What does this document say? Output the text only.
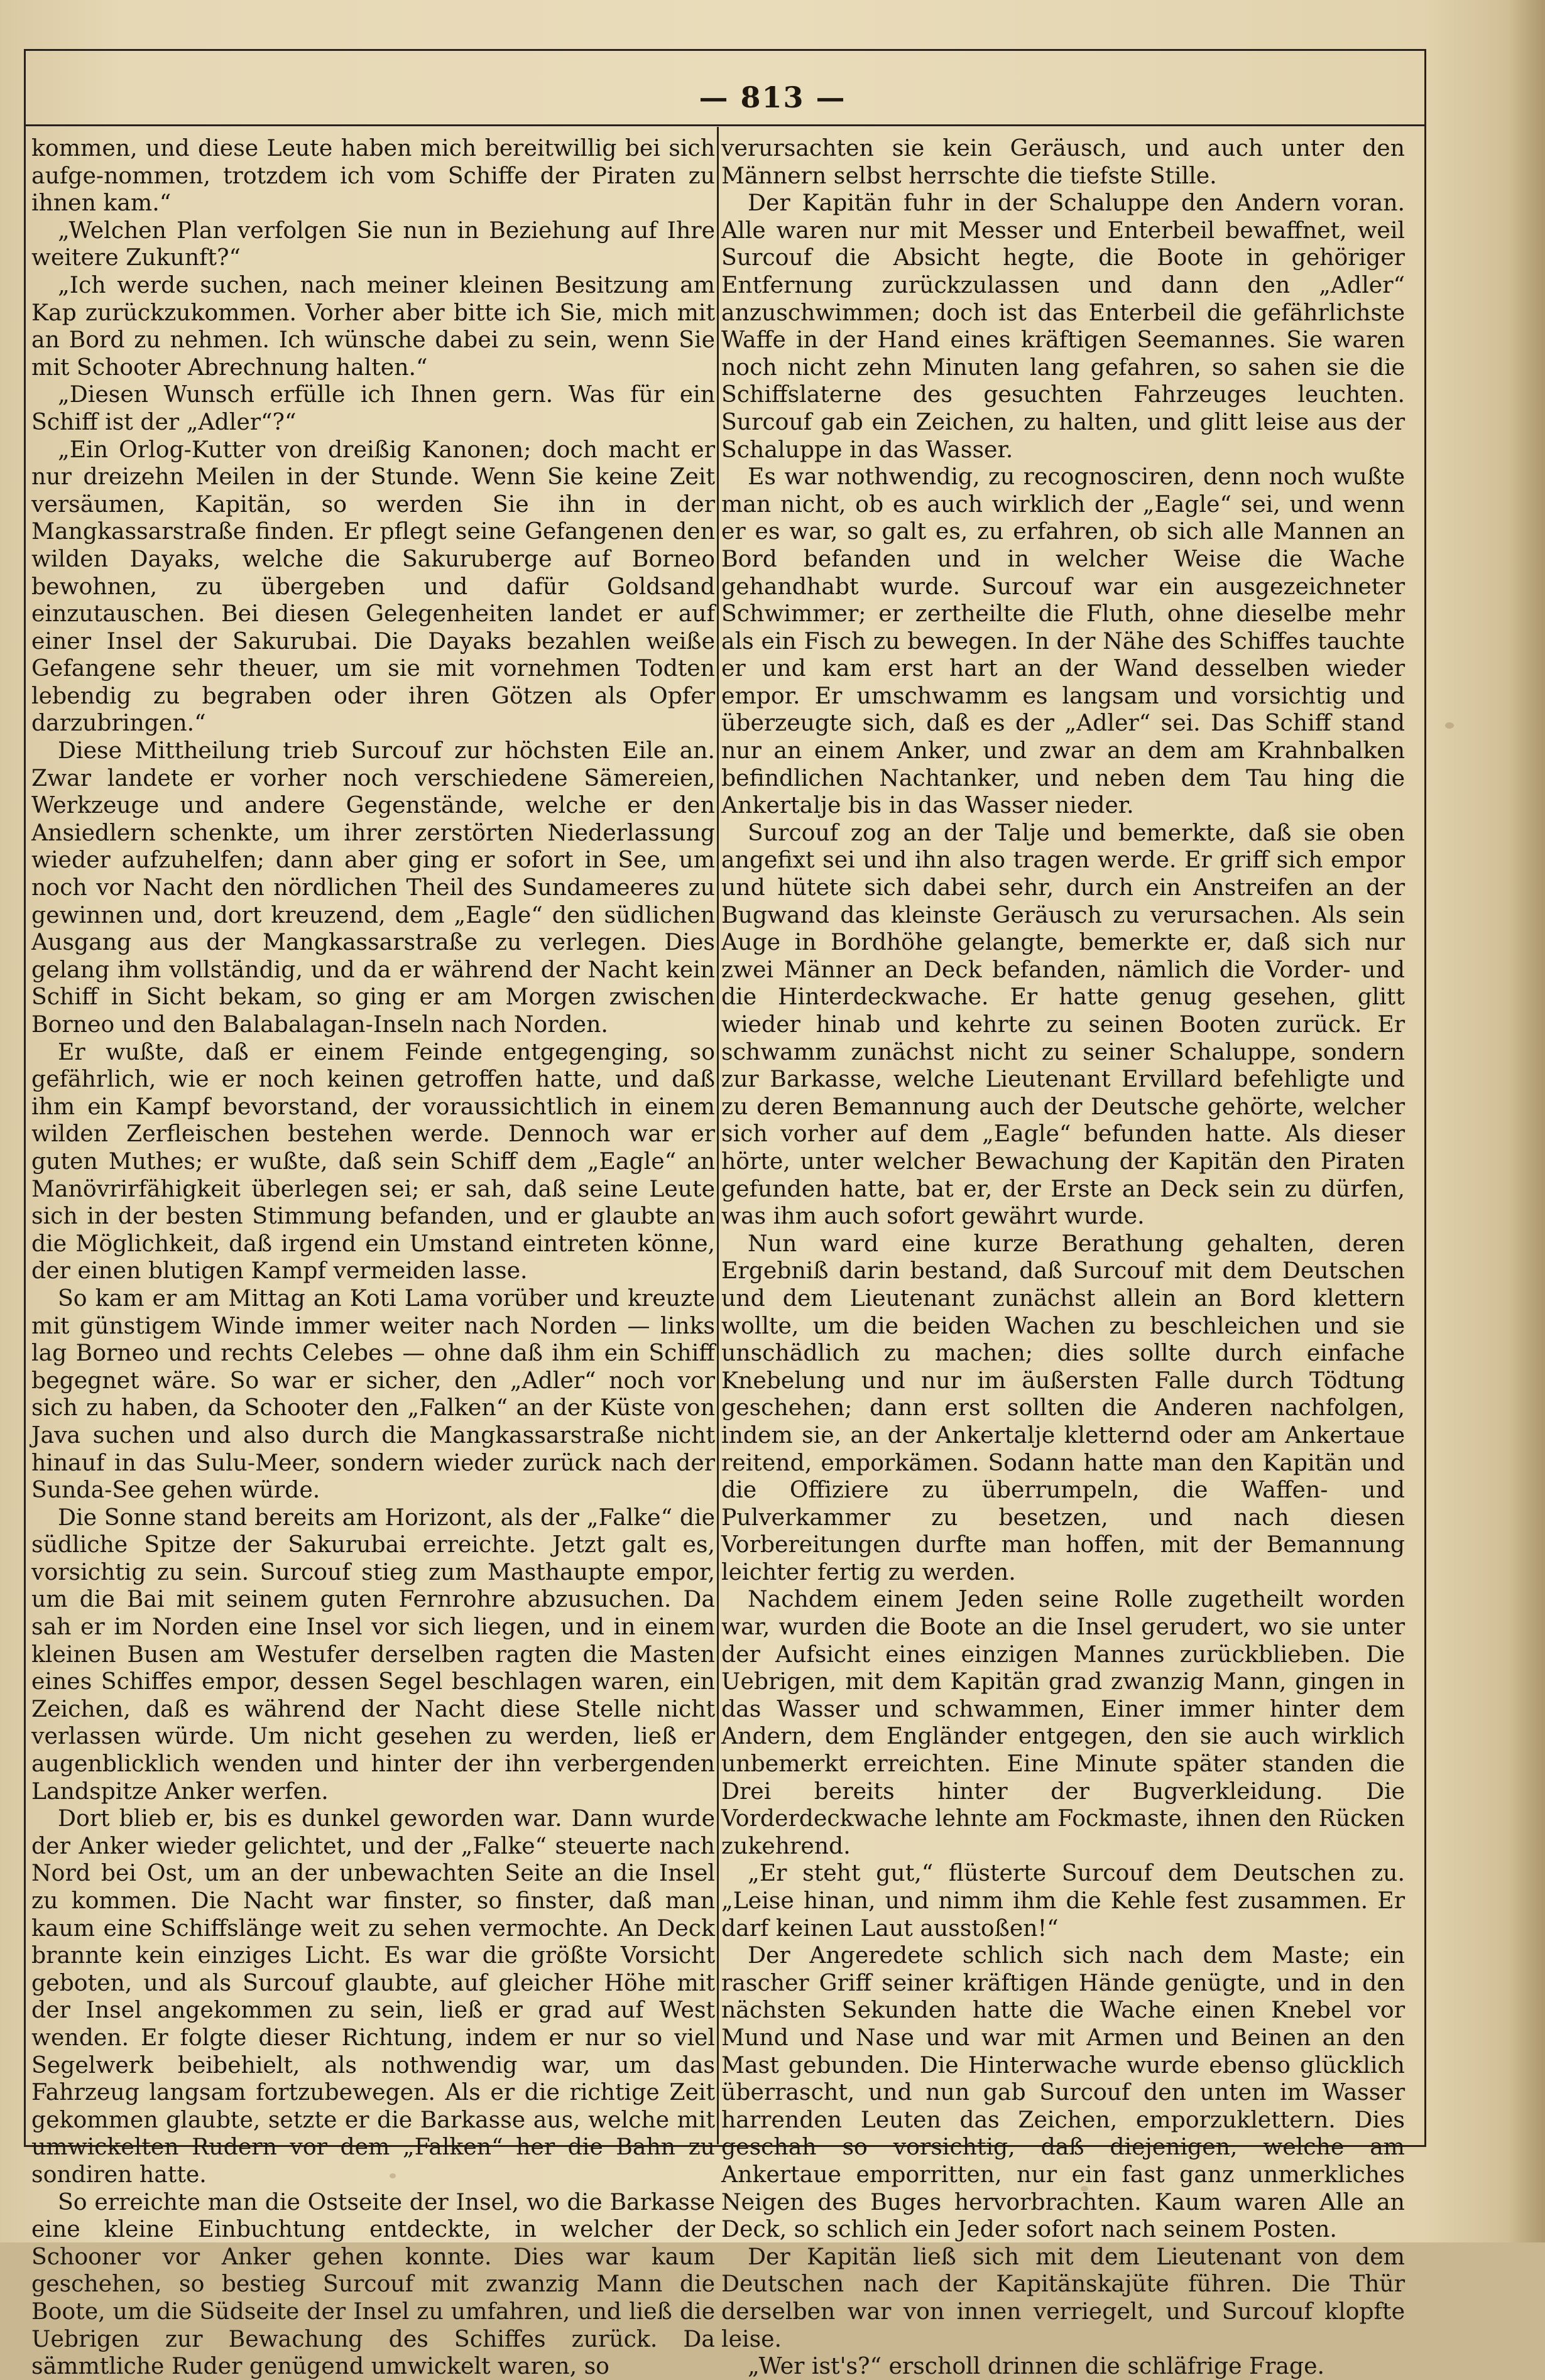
— 813 —

kommen, und diese Leute haben mich bereitwillig bei sich aufge-nommen, trotzdem ich vom Schiffe der Piraten zu ihnen kam.“

„Welchen Plan verfolgen Sie nun in Beziehung auf Ihre weitere Zukunft?“

„Ich werde suchen, nach meiner kleinen Besitzung am Kap zurückzukommen. Vorher aber bitte ich Sie, mich mit an Bord zu nehmen. Ich wünsche dabei zu sein, wenn Sie mit Schooter Abrechnung halten.“

„Diesen Wunsch erfülle ich Ihnen gern. Was für ein Schiff ist der „Adler“?“

„Ein Orlog-Kutter von dreißig Kanonen; doch macht er nur dreizehn Meilen in der Stunde. Wenn Sie keine Zeit versäumen, Kapitän, so werden Sie ihn in der Mangkassarstraße finden. Er pflegt seine Gefangenen den wilden Dayaks, welche die Sakuruberge auf Borneo bewohnen, zu übergeben und dafür Goldsand einzutauschen. Bei diesen Gelegenheiten landet er auf einer Insel der Sakurubai. Die Dayaks bezahlen weiße Gefangene sehr theuer, um sie mit vornehmen Todten lebendig zu begraben oder ihren Götzen als Opfer darzubringen.“

Diese Mittheilung trieb Surcouf zur höchsten Eile an. Zwar landete er vorher noch verschiedene Sämereien, Werkzeuge und andere Gegenstände, welche er den Ansiedlern schenkte, um ihrer zerstörten Niederlassung wieder aufzuhelfen; dann aber ging er sofort in See, um noch vor Nacht den nördlichen Theil des Sundameeres zu gewinnen und, dort kreuzend, dem „Eagle“ den südlichen Ausgang aus der Mangkassarstraße zu verlegen. Dies gelang ihm vollständig, und da er während der Nacht kein Schiff in Sicht bekam, so ging er am Morgen zwischen Borneo und den Balabalagan-Inseln nach Norden.

Er wußte, daß er einem Feinde entgegenging, so gefährlich, wie er noch keinen getroffen hatte, und daß ihm ein Kampf bevorstand, der voraussichtlich in einem wilden Zerfleischen bestehen werde. Dennoch war er guten Muthes; er wußte, daß sein Schiff dem „Eagle“ an Manövrirfähigkeit überlegen sei; er sah, daß seine Leute sich in der besten Stimmung befanden, und er glaubte an die Möglichkeit, daß irgend ein Umstand eintreten könne, der einen blutigen Kampf vermeiden lasse.

So kam er am Mittag an Koti Lama vorüber und kreuzte mit günstigem Winde immer weiter nach Norden — links lag Borneo und rechts Celebes — ohne daß ihm ein Schiff begegnet wäre. So war er sicher, den „Adler“ noch vor sich zu haben, da Schooter den „Falken“ an der Küste von Java suchen und also durch die Mangkassarstraße nicht hinauf in das Sulu-Meer, sondern wieder zurück nach der Sunda-See gehen würde.

Die Sonne stand bereits am Horizont, als der „Falke“ die südliche Spitze der Sakurubai erreichte. Jetzt galt es, vorsichtig zu sein. Surcouf stieg zum Masthaupte empor, um die Bai mit seinem guten Fernrohre abzusuchen. Da sah er im Norden eine Insel vor sich liegen, und in einem kleinen Busen am Westufer derselben ragten die Masten eines Schiffes empor, dessen Segel beschlagen waren, ein Zeichen, daß es während der Nacht diese Stelle nicht verlassen würde. Um nicht gesehen zu werden, ließ er augenblicklich wenden und hinter der ihn verbergenden Landspitze Anker werfen.

Dort blieb er, bis es dunkel geworden war. Dann wurde der Anker wieder gelichtet, und der „Falke“ steuerte nach Nord bei Ost, um an der unbewachten Seite an die Insel zu kommen. Die Nacht war finster, so finster, daß man kaum eine Schiffslänge weit zu sehen vermochte. An Deck brannte kein einziges Licht. Es war die größte Vorsicht geboten, und als Surcouf glaubte, auf gleicher Höhe mit der Insel angekommen zu sein, ließ er grad auf West wenden. Er folgte dieser Richtung, indem er nur so viel Segelwerk beibehielt, als nothwendig war, um das Fahrzeug langsam fortzubewegen. Als er die richtige Zeit gekommen glaubte, setzte er die Barkasse aus, welche mit umwickelten Rudern vor dem „Falken“ her die Bahn zu sondiren hatte.

So erreichte man die Ostseite der Insel, wo die Barkasse eine kleine Einbuchtung entdeckte, in welcher der Schooner vor Anker gehen konnte. Dies war kaum geschehen, so bestieg Surcouf mit zwanzig Mann die Boote, um die Südseite der Insel zu umfahren, und ließ die Uebrigen zur Bewachung des Schiffes zurück. Da sämmtliche Ruder genügend umwickelt waren, so

verursachten sie kein Geräusch, und auch unter den Männern selbst herrschte die tiefste Stille.

Der Kapitän fuhr in der Schaluppe den Andern voran. Alle waren nur mit Messer und Enterbeil bewaffnet, weil Surcouf die Absicht hegte, die Boote in gehöriger Entfernung zurückzulassen und dann den „Adler“ anzuschwimmen; doch ist das Enterbeil die gefährlichste Waffe in der Hand eines kräftigen Seemannes. Sie waren noch nicht zehn Minuten lang gefahren, so sahen sie die Schiffslaterne des gesuchten Fahrzeuges leuchten. Surcouf gab ein Zeichen, zu halten, und glitt leise aus der Schaluppe in das Wasser.

Es war nothwendig, zu recognosciren, denn noch wußte man nicht, ob es auch wirklich der „Eagle“ sei, und wenn er es war, so galt es, zu erfahren, ob sich alle Mannen an Bord befanden und in welcher Weise die Wache gehandhabt wurde. Surcouf war ein ausgezeichneter Schwimmer; er zertheilte die Fluth, ohne dieselbe mehr als ein Fisch zu bewegen. In der Nähe des Schiffes tauchte er und kam erst hart an der Wand desselben wieder empor. Er umschwamm es langsam und vorsichtig und überzeugte sich, daß es der „Adler“ sei. Das Schiff stand nur an einem Anker, und zwar an dem am Krahnbalken befindlichen Nachtanker, und neben dem Tau hing die Ankertalje bis in das Wasser nieder.

Surcouf zog an der Talje und bemerkte, daß sie oben angefixt sei und ihn also tragen werde. Er griff sich empor und hütete sich dabei sehr, durch ein Anstreifen an der Bugwand das kleinste Geräusch zu verursachen. Als sein Auge in Bordhöhe gelangte, bemerkte er, daß sich nur zwei Männer an Deck befanden, nämlich die Vorder- und die Hinterdeckwache. Er hatte genug gesehen, glitt wieder hinab und kehrte zu seinen Booten zurück. Er schwamm zunächst nicht zu seiner Schaluppe, sondern zur Barkasse, welche Lieutenant Ervillard befehligte und zu deren Bemannung auch der Deutsche gehörte, welcher sich vorher auf dem „Eagle“ befunden hatte. Als dieser hörte, unter welcher Bewachung der Kapitän den Piraten gefunden hatte, bat er, der Erste an Deck sein zu dürfen, was ihm auch sofort gewährt wurde.

Nun ward eine kurze Berathung gehalten, deren Ergebniß darin bestand, daß Surcouf mit dem Deutschen und dem Lieutenant zunächst allein an Bord klettern wollte, um die beiden Wachen zu beschleichen und sie unschädlich zu machen; dies sollte durch einfache Knebelung und nur im äußersten Falle durch Tödtung geschehen; dann erst sollten die Anderen nachfolgen, indem sie, an der Ankertalje kletternd oder am Ankertaue reitend, emporkämen. Sodann hatte man den Kapitän und die Offiziere zu überrumpeln, die Waffen- und Pulverkammer zu besetzen, und nach diesen Vorbereitungen durfte man hoffen, mit der Bemannung leichter fertig zu werden.

Nachdem einem Jeden seine Rolle zugetheilt worden war, wurden die Boote an die Insel gerudert, wo sie unter der Aufsicht eines einzigen Mannes zurückblieben. Die Uebrigen, mit dem Kapitän grad zwanzig Mann, gingen in das Wasser und schwammen, Einer immer hinter dem Andern, dem Engländer entgegen, den sie auch wirklich unbemerkt erreichten. Eine Minute später standen die Drei bereits hinter der Bugverkleidung. Die Vorderdeckwache lehnte am Fockmaste, ihnen den Rücken zukehrend.

„Er steht gut,“ flüsterte Surcouf dem Deutschen zu. „Leise hinan, und nimm ihm die Kehle fest zusammen. Er darf keinen Laut ausstoßen!“

Der Angeredete schlich sich nach dem Maste; ein rascher Griff seiner kräftigen Hände genügte, und in den nächsten Sekunden hatte die Wache einen Knebel vor Mund und Nase und war mit Armen und Beinen an den Mast gebunden. Die Hinterwache wurde ebenso glücklich überrascht, und nun gab Surcouf den unten im Wasser harrenden Leuten das Zeichen, emporzuklettern. Dies geschah so vorsichtig, daß diejenigen, welche am Ankertaue emporritten, nur ein fast ganz unmerkliches Neigen des Buges hervorbrachten. Kaum waren Alle an Deck, so schlich ein Jeder sofort nach seinem Posten.

Der Kapitän ließ sich mit dem Lieutenant von dem Deutschen nach der Kapitänskajüte führen. Die Thür derselben war von innen verriegelt, und Surcouf klopfte leise.

„Wer ist's?“ erscholl drinnen die schläfrige Frage.
